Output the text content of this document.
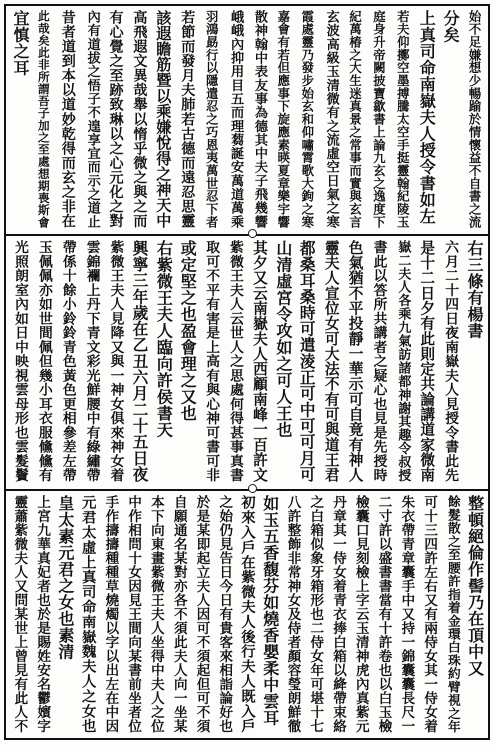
始不足嫌想少暢踰於情懷益不自書之流
分矣
上真司命南嶽夫人授令書如左
若夫仰擲空墨搏騰太空手挺靈翰紀陵玉
庭身升帝闕披寶歙書上論九玄之逸度下
紀萬椿之大生迷真景之常事而實與玄言
玄波高級玉清微有之流虛空日氣之寒
霞處靈乃發步始玄和仰嘯霄歌大鉤之寒
嘉會有若但應事下旋應素暎夏章樂宇響
散神翰中表友事為德其中夫子飛幾響
峨峨內抑用目五而理蒭誕安萬道萬乘
羽鴻勗行以隱遣忍之巧恩夷萬世忍下者
若節而發月夫肺若古德而遠忍思靈
該遐瞻筋暨以乘嫌悅得之神天中
高飛遐文異哉舉以惰乎微之與之而
有心覺之至跡致琳以之心元化之對
內有道拔之悟子不遑享宜而示之道止
昔者道到本以道妙乾得而玄之非在
此哉矣此非所謂吾子加之至處想期喪斯會
宜慎之耳
右三條有楊書
六月二十四日夜南嶽夫人見授令書此先
是十二日夕有此則定共論講道家微南
嶽二夫人各乘九氣訪諸都神謝其趣令叔授
書此以答所共講者之疑心也見是先授時
色氣猶不平投靜一華示可自竟有神人
靈夫人宣位女可大法不有可與道王君
都桑耳桑時可遣淩正可中可可月可
山清虛宮令攻如之可人王也
其夕又云南嶽夫人西顧南峰一百許文
紫微王夫人云世人之思處何得甚事真書
取可不平有害是上高有與心神可書可非
或定堅之也盈會理之又也
右紫微王夫人臨向許侯書天
興寧三年歲在乙丑六月二十五日夜
紫微王夫人見降又與一神女俱來神女着
雲錦襴上丹下青文彩光鮮腰中有綠繡帶
帶係十餘小鈴鈴青色黃色更相參差左帶
玉佩佩亦如世間佩但幾小耳衣服儵儵有
光照朗室內如日中映視雲母形也雲髮鬢
整頓絕倫作髻乃在頂中又
餘髮散之至腰許指着金環白珠約臂視之年
可十三四許左右又有兩侍女其一侍女着
朱衣帶青章囊手中又持一錦囊囊長尺一
二寸許以盛書書當有十許卷也以白玉檢
檢囊口見刻檢上字云玉清神虎內真紫元
丹章其一侍女着青衣捧白箱以絳帶束絡
之白箱似象牙箱形也二侍女年可堪十七
八許整飾非常神女及侍者顏容瑩朗鮮徹
如玉五香馥芬如燒香嬰柔中雲耳
初來入戶在紫微夫人後行夫人既入戶
之始仍見告日今日有貴客來相詣論好也
於是某即起立夫人因可不須起但可不須
自願通名某對亦各不須此夫人向一坐某
本下向東畫紫微王夫人坐得中夫人之位
中作相問十女因見王間向某書前坐者位
手作擣擣種種草燒燭以字以出左在中因
元君太虛上真司命南嶽魏夫人之女也
皇太素元君之女也素清
上宮九華真妃者也於是賜姓安名鬱嬪字
靈蕭紫微夫人又問某世上曾見有此人不
